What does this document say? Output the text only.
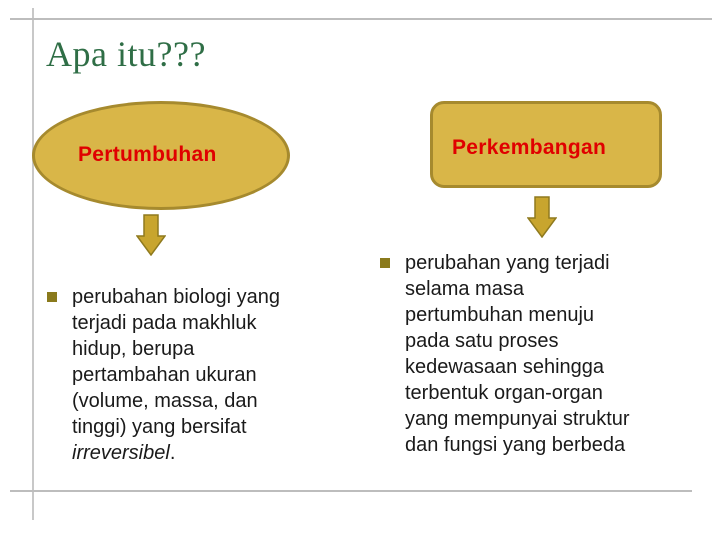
Apa itu???
Pertumbuhan	Perkembangan
perubahan biologi yang
terjadi pada makhluk
hidup, berupa
pertambahan ukuran
(volume, massa, dan
tinggi) yang bersifat
irreversibel.
perubahan yang terjadi
selama masa
pertumbuhan menuju
pada satu proses
kedewasaan sehingga
terbentuk organ-organ
yang mempunyai struktur
dan fungsi yang berbeda
